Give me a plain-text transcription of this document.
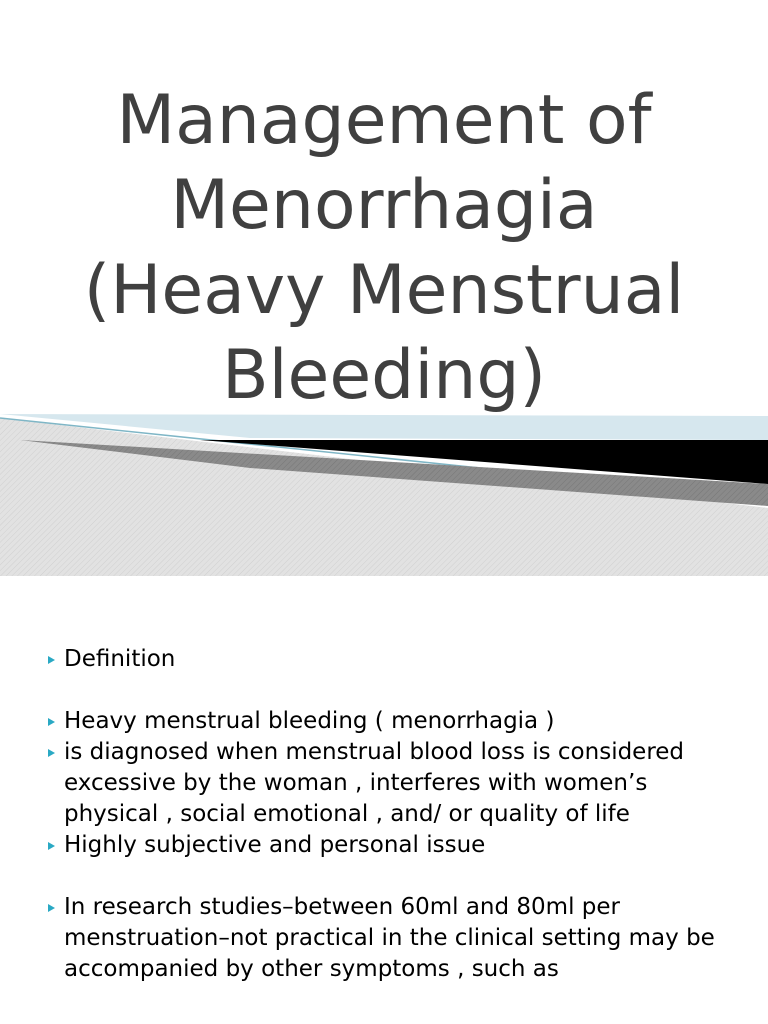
Management of
Menorrhagia
(Heavy Menstrual
Bleeding)
Definition
Heavy menstrual bleeding ( menorrhagia )
is diagnosed when menstrual blood loss is considered excessive by the woman , interferes with women’s physical , social emotional , and/ or quality of life
Highly subjective and personal issue
In research studies–between 60ml and 80ml per menstruation–not practical in the clinical setting may be accompanied by other symptoms , such as
